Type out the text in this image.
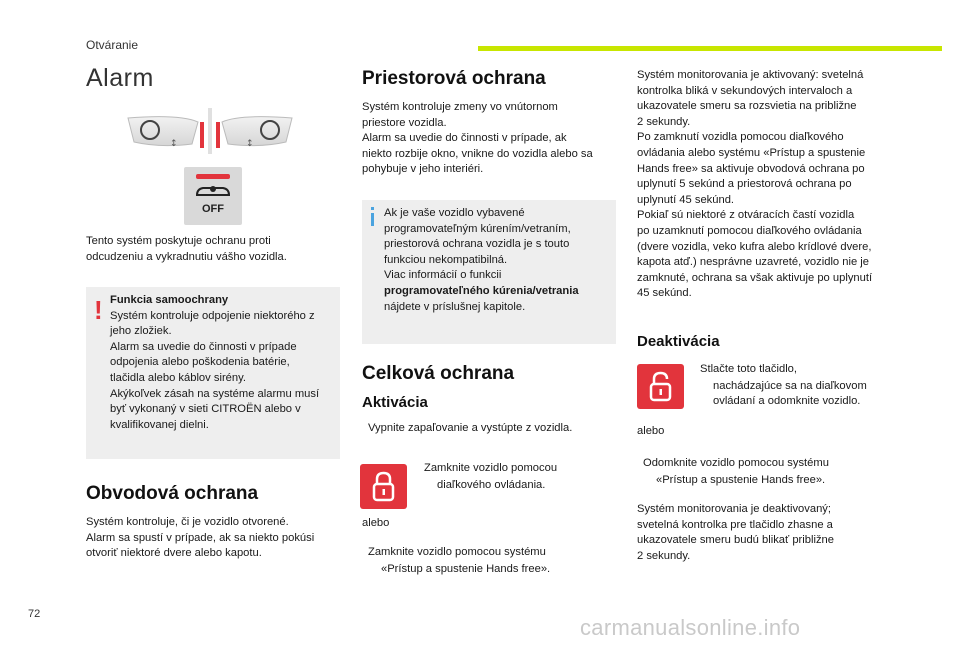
Otváranie
Alarm
↕	↕
OFF
Tento systém poskytuje ochranu proti
odcudzeniu a vykradnutiu vášho vozidla.
! Funkcia samoochrany
Systém kontroluje odpojenie niektorého z
jeho zložiek.
Alarm sa uvedie do činnosti v prípade
odpojenia alebo poškodenia batérie,
tlačidla alebo káblov sirény.
Akýkoľvek zásah na systéme alarmu musí
byť vykonaný v sieti CITROËN alebo v
kvalifikovanej dielni.
Obvodová ochrana
Systém kontroluje, či je vozidlo otvorené.
Alarm sa spustí v prípade, ak sa niekto pokúsi
otvoriť niektoré dvere alebo kapotu.
Priestorová ochrana
Systém kontroluje zmeny vo vnútornom
priestore vozidla.
Alarm sa uvedie do činnosti v prípade, ak
niekto rozbije okno, vnikne do vozidla alebo sa
pohybuje v jeho interiéri.
Ak je vaše vozidlo vybavené
programovateľným kúrením/vetraním,
priestorová ochrana vozidla je s touto
funkciou nekompatibilná.
Viac informácií o funkcii
programovateľného kúrenia/vetrania
nájdete v príslušnej kapitole.
Celková ochrana
Aktivácia
Vypnite zapaľovanie a vystúpte z vozidla.
Zamknite vozidlo pomocou
diaľkového ovládania.
alebo
Zamknite vozidlo pomocou systému
«Prístup a spustenie Hands free».
Systém monitorovania je aktivovaný: svetelná
kontrolka bliká v sekundových intervaloch a
ukazovatele smeru sa rozsvietia na približne
2 sekundy.
Po zamknutí vozidla pomocou diaľkového
ovládania alebo systému «Prístup a spustenie
Hands free» sa aktivuje obvodová ochrana po
uplynutí 5 sekúnd a priestorová ochrana po
uplynutí 45 sekúnd.
Pokiaľ sú niektoré z otváracích častí vozidla
po uzamknutí pomocou diaľkového ovládania
(dvere vozidla, veko kufra alebo krídlové dvere,
kapota atď.) nesprávne uzavreté, vozidlo nie je
zamknuté, ochrana sa však aktivuje po uplynutí
45 sekúnd.
Deaktivácia
Stlačte toto tlačidlo,
nachádzajúce sa na diaľkovom
ovládaní a odomknite vozidlo.
alebo
Odomknite vozidlo pomocou systému
«Prístup a spustenie Hands free».
Systém monitorovania je deaktivovaný;
svetelná kontrolka pre tlačidlo zhasne a
ukazovatele smeru budú blikať približne
2 sekundy.
72
carmanualsonline.info
